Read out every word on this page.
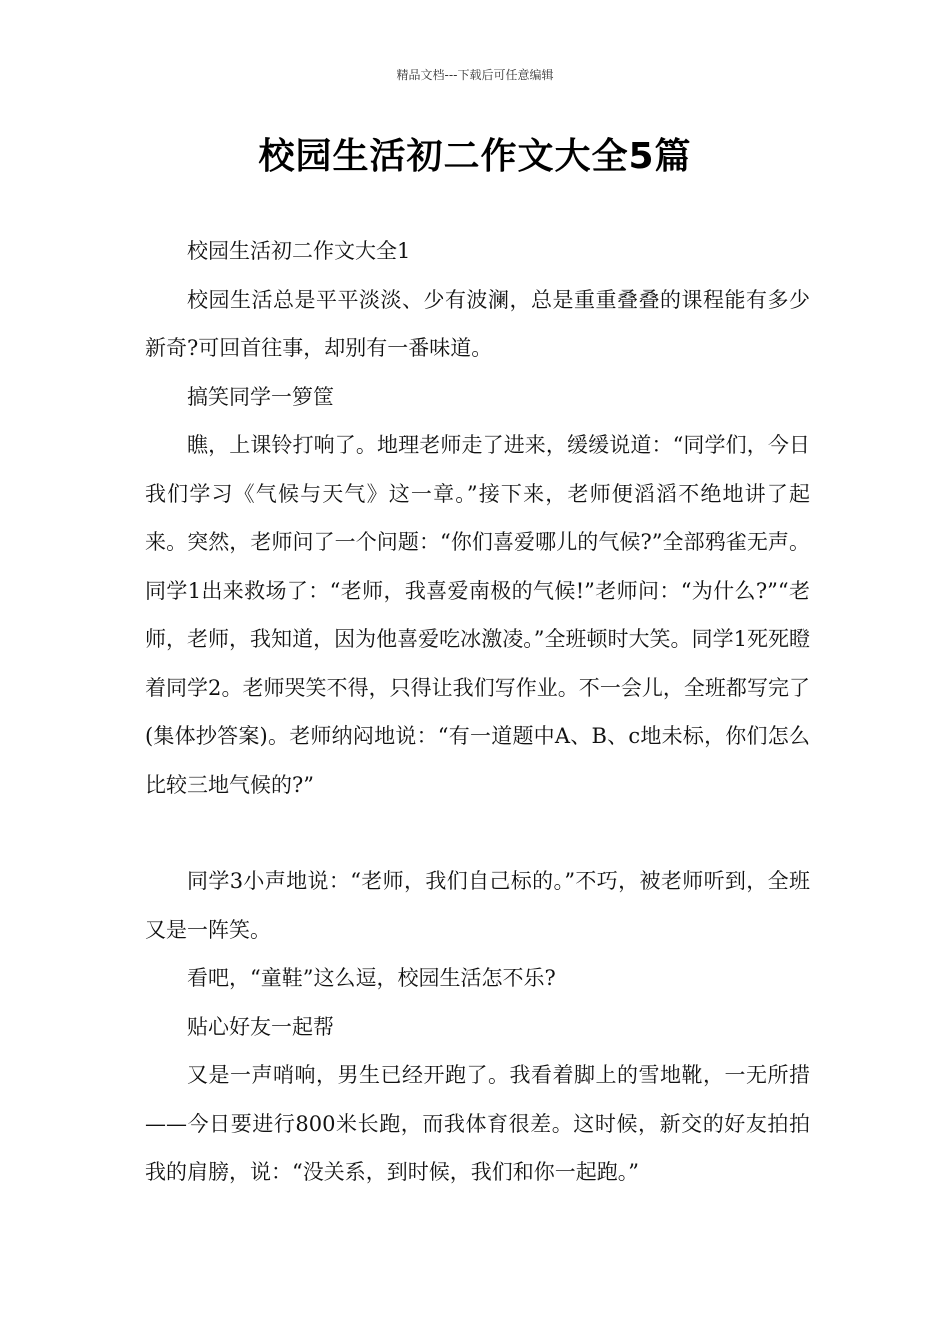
精品文档---下载后可任意编辑
校园生活初二作文大全5篇

校园生活初二作文大全1

校园生活总是平平淡淡、少有波澜，总是重重叠叠的课程能有多少新奇?可回首往事，却别有一番味道。

搞笑同学一箩筐

瞧，上课铃打响了。地理老师走了进来，缓缓说道：“同学们，今日我们学习《气候与天气》这一章。”接下来，老师便滔滔不绝地讲了起来。突然，老师问了一个问题：“你们喜爱哪儿的气候?”全部鸦雀无声。同学1出来救场了：“老师，我喜爱南极的气候!”老师问：“为什么?”“老师，老师，我知道，因为他喜爱吃冰激凌。”全班顿时大笑。同学1死死瞪着同学2。老师哭笑不得，只得让我们写作业。不一会儿，全班都写完了(集体抄答案)。老师纳闷地说：“有一道题中A、B、c地未标，你们怎么比较三地气候的?”

同学3小声地说：“老师，我们自己标的。”不巧，被老师听到，全班又是一阵笑。

看吧，“童鞋”这么逗，校园生活怎不乐?

贴心好友一起帮

又是一声哨响，男生已经开跑了。我看着脚上的雪地靴，一无所措——今日要进行800米长跑，而我体育很差。这时候，新交的好友拍拍我的肩膀，说：“没关系，到时候，我们和你一起跑。”
